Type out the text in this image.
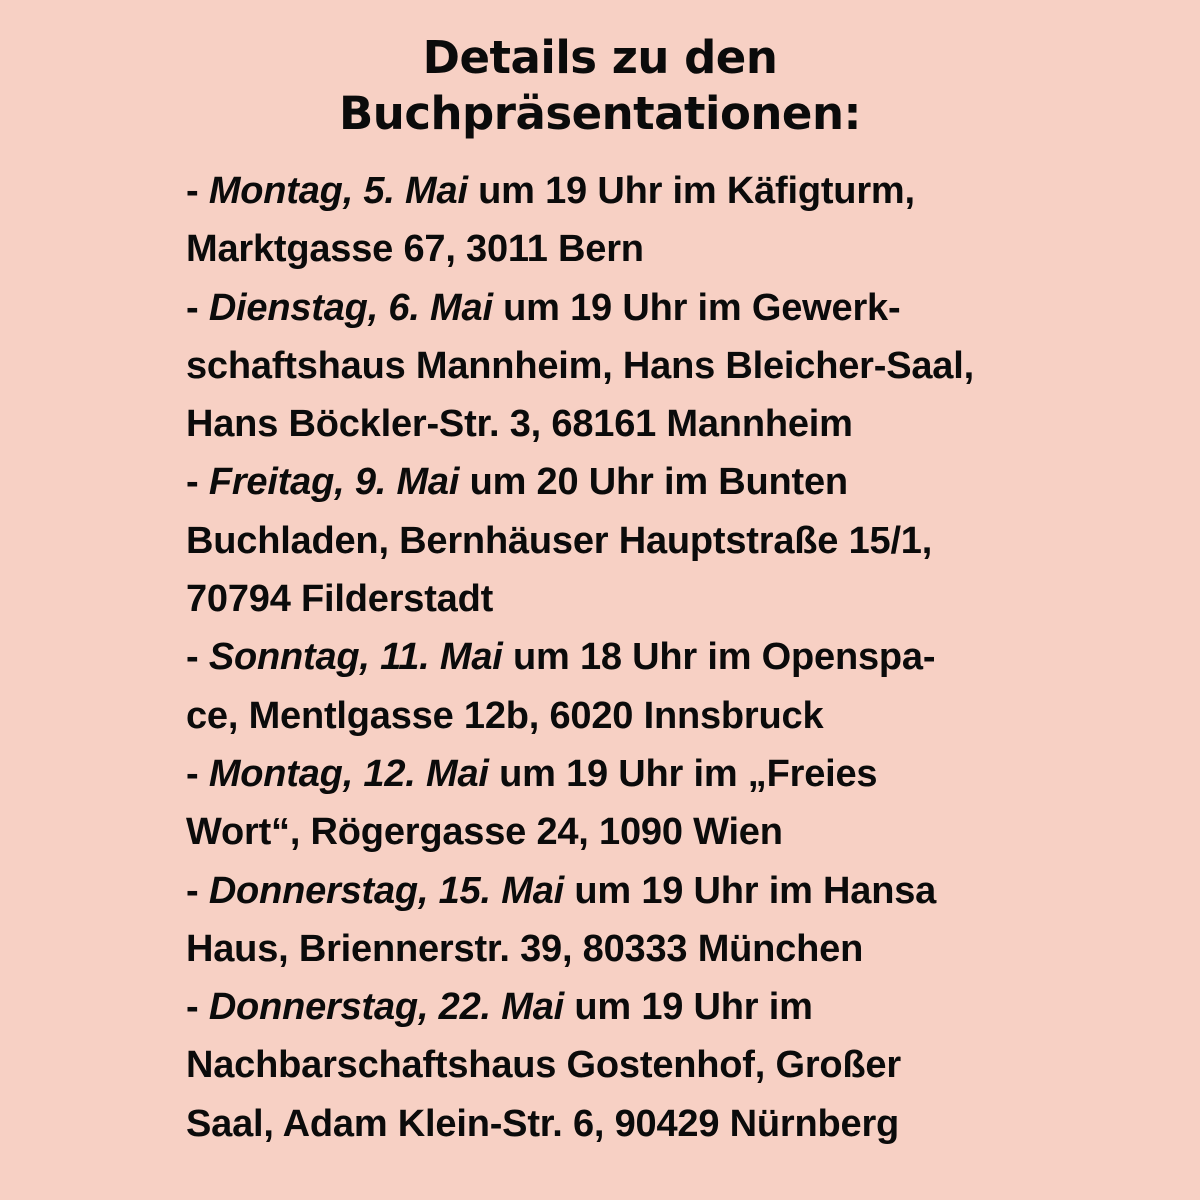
Details zu den
Buchpräsentationen:
- Montag, 5. Mai um 19 Uhr im Käfigturm,
Marktgasse 67, 3011 Bern
- Dienstag, 6. Mai um 19 Uhr im Gewerk-
schaftshaus Mannheim, Hans Bleicher-Saal,
Hans Böckler-Str. 3, 68161 Mannheim
- Freitag, 9. Mai um 20 Uhr im Bunten
Buchladen, Bernhäuser Hauptstraße 15/1,
70794 Filderstadt
- Sonntag, 11. Mai um 18 Uhr im Openspa-
ce, Mentlgasse 12b, 6020 Innsbruck
- Montag, 12. Mai um 19 Uhr im „Freies
Wort“, Rögergasse 24, 1090 Wien
- Donnerstag, 15. Mai um 19 Uhr im Hansa
Haus, Briennerstr. 39, 80333 München
- Donnerstag, 22. Mai um 19 Uhr im
Nachbarschaftshaus Gostenhof, Großer
Saal, Adam Klein-Str. 6, 90429 Nürnberg
